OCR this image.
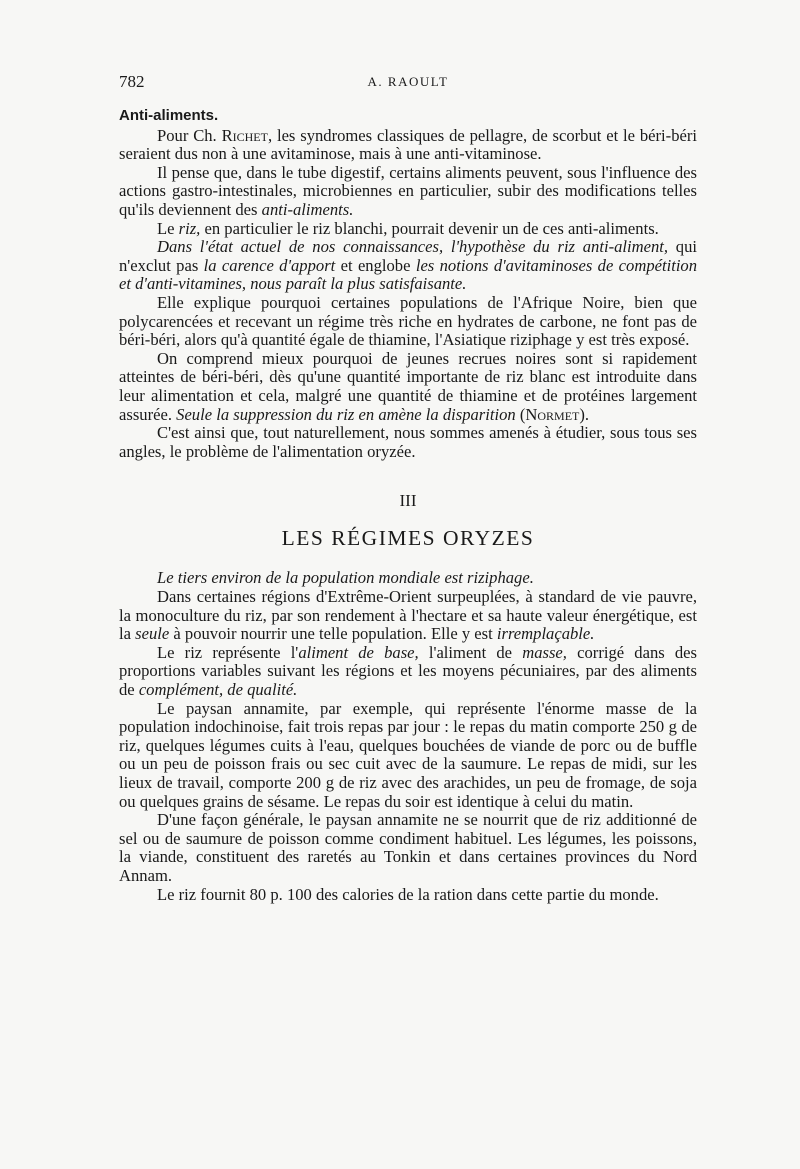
782	A. RAOULT
Anti-aliments.

Pour Ch. Richet, les syndromes classiques de pellagre, de scorbut et le béri-béri seraient dus non à une avitaminose, mais à une anti-vitaminose.

Il pense que, dans le tube digestif, certains aliments peuvent, sous l'influence des actions gastro-intestinales, microbiennes en particulier, subir des modifications telles qu'ils deviennent des anti-aliments.

Le riz, en particulier le riz blanchi, pourrait devenir un de ces anti-aliments.

Dans l'état actuel de nos connaissances, l'hypothèse du riz anti-aliment, qui n'exclut pas la carence d'apport et englobe les notions d'avitaminoses de compétition et d'anti-vitamines, nous paraît la plus satisfaisante.

Elle explique pourquoi certaines populations de l'Afrique Noire, bien que polycarencées et recevant un régime très riche en hydrates de carbone, ne font pas de béri-béri, alors qu'à quantité égale de thiamine, l'Asiatique riziphage y est très exposé.

On comprend mieux pourquoi de jeunes recrues noires sont si rapidement atteintes de béri-béri, dès qu'une quantité importante de riz blanc est introduite dans leur alimentation et cela, malgré une quantité de thiamine et de protéines largement assurée. Seule la suppression du riz en amène la disparition (Normet).

C'est ainsi que, tout naturellement, nous sommes amenés à étudier, sous tous ses angles, le problème de l'alimentation oryzée.

III
LES RÉGIMES ORYZES

Le tiers environ de la population mondiale est riziphage.

Dans certaines régions d'Extrême-Orient surpeuplées, à standard de vie pauvre, la monoculture du riz, par son rendement à l'hectare et sa haute valeur énergétique, est la seule à pouvoir nourrir une telle population. Elle y est irremplaçable.

Le riz représente l'aliment de base, l'aliment de masse, corrigé dans des proportions variables suivant les régions et les moyens pécuniaires, par des aliments de complément, de qualité.

Le paysan annamite, par exemple, qui représente l'énorme masse de la population indochinoise, fait trois repas par jour : le repas du matin comporte 250 g de riz, quelques légumes cuits à l'eau, quelques bouchées de viande de porc ou de buffle ou un peu de poisson frais ou sec cuit avec de la saumure. Le repas de midi, sur les lieux de travail, comporte 200 g de riz avec des arachides, un peu de fromage, de soja ou quelques grains de sésame. Le repas du soir est identique à celui du matin.

D'une façon générale, le paysan annamite ne se nourrit que de riz additionné de sel ou de saumure de poisson comme condiment habituel. Les légumes, les poissons, la viande, constituent des raretés au Tonkin et dans certaines provinces du Nord Annam.

Le riz fournit 80 p. 100 des calories de la ration dans cette partie du monde.
